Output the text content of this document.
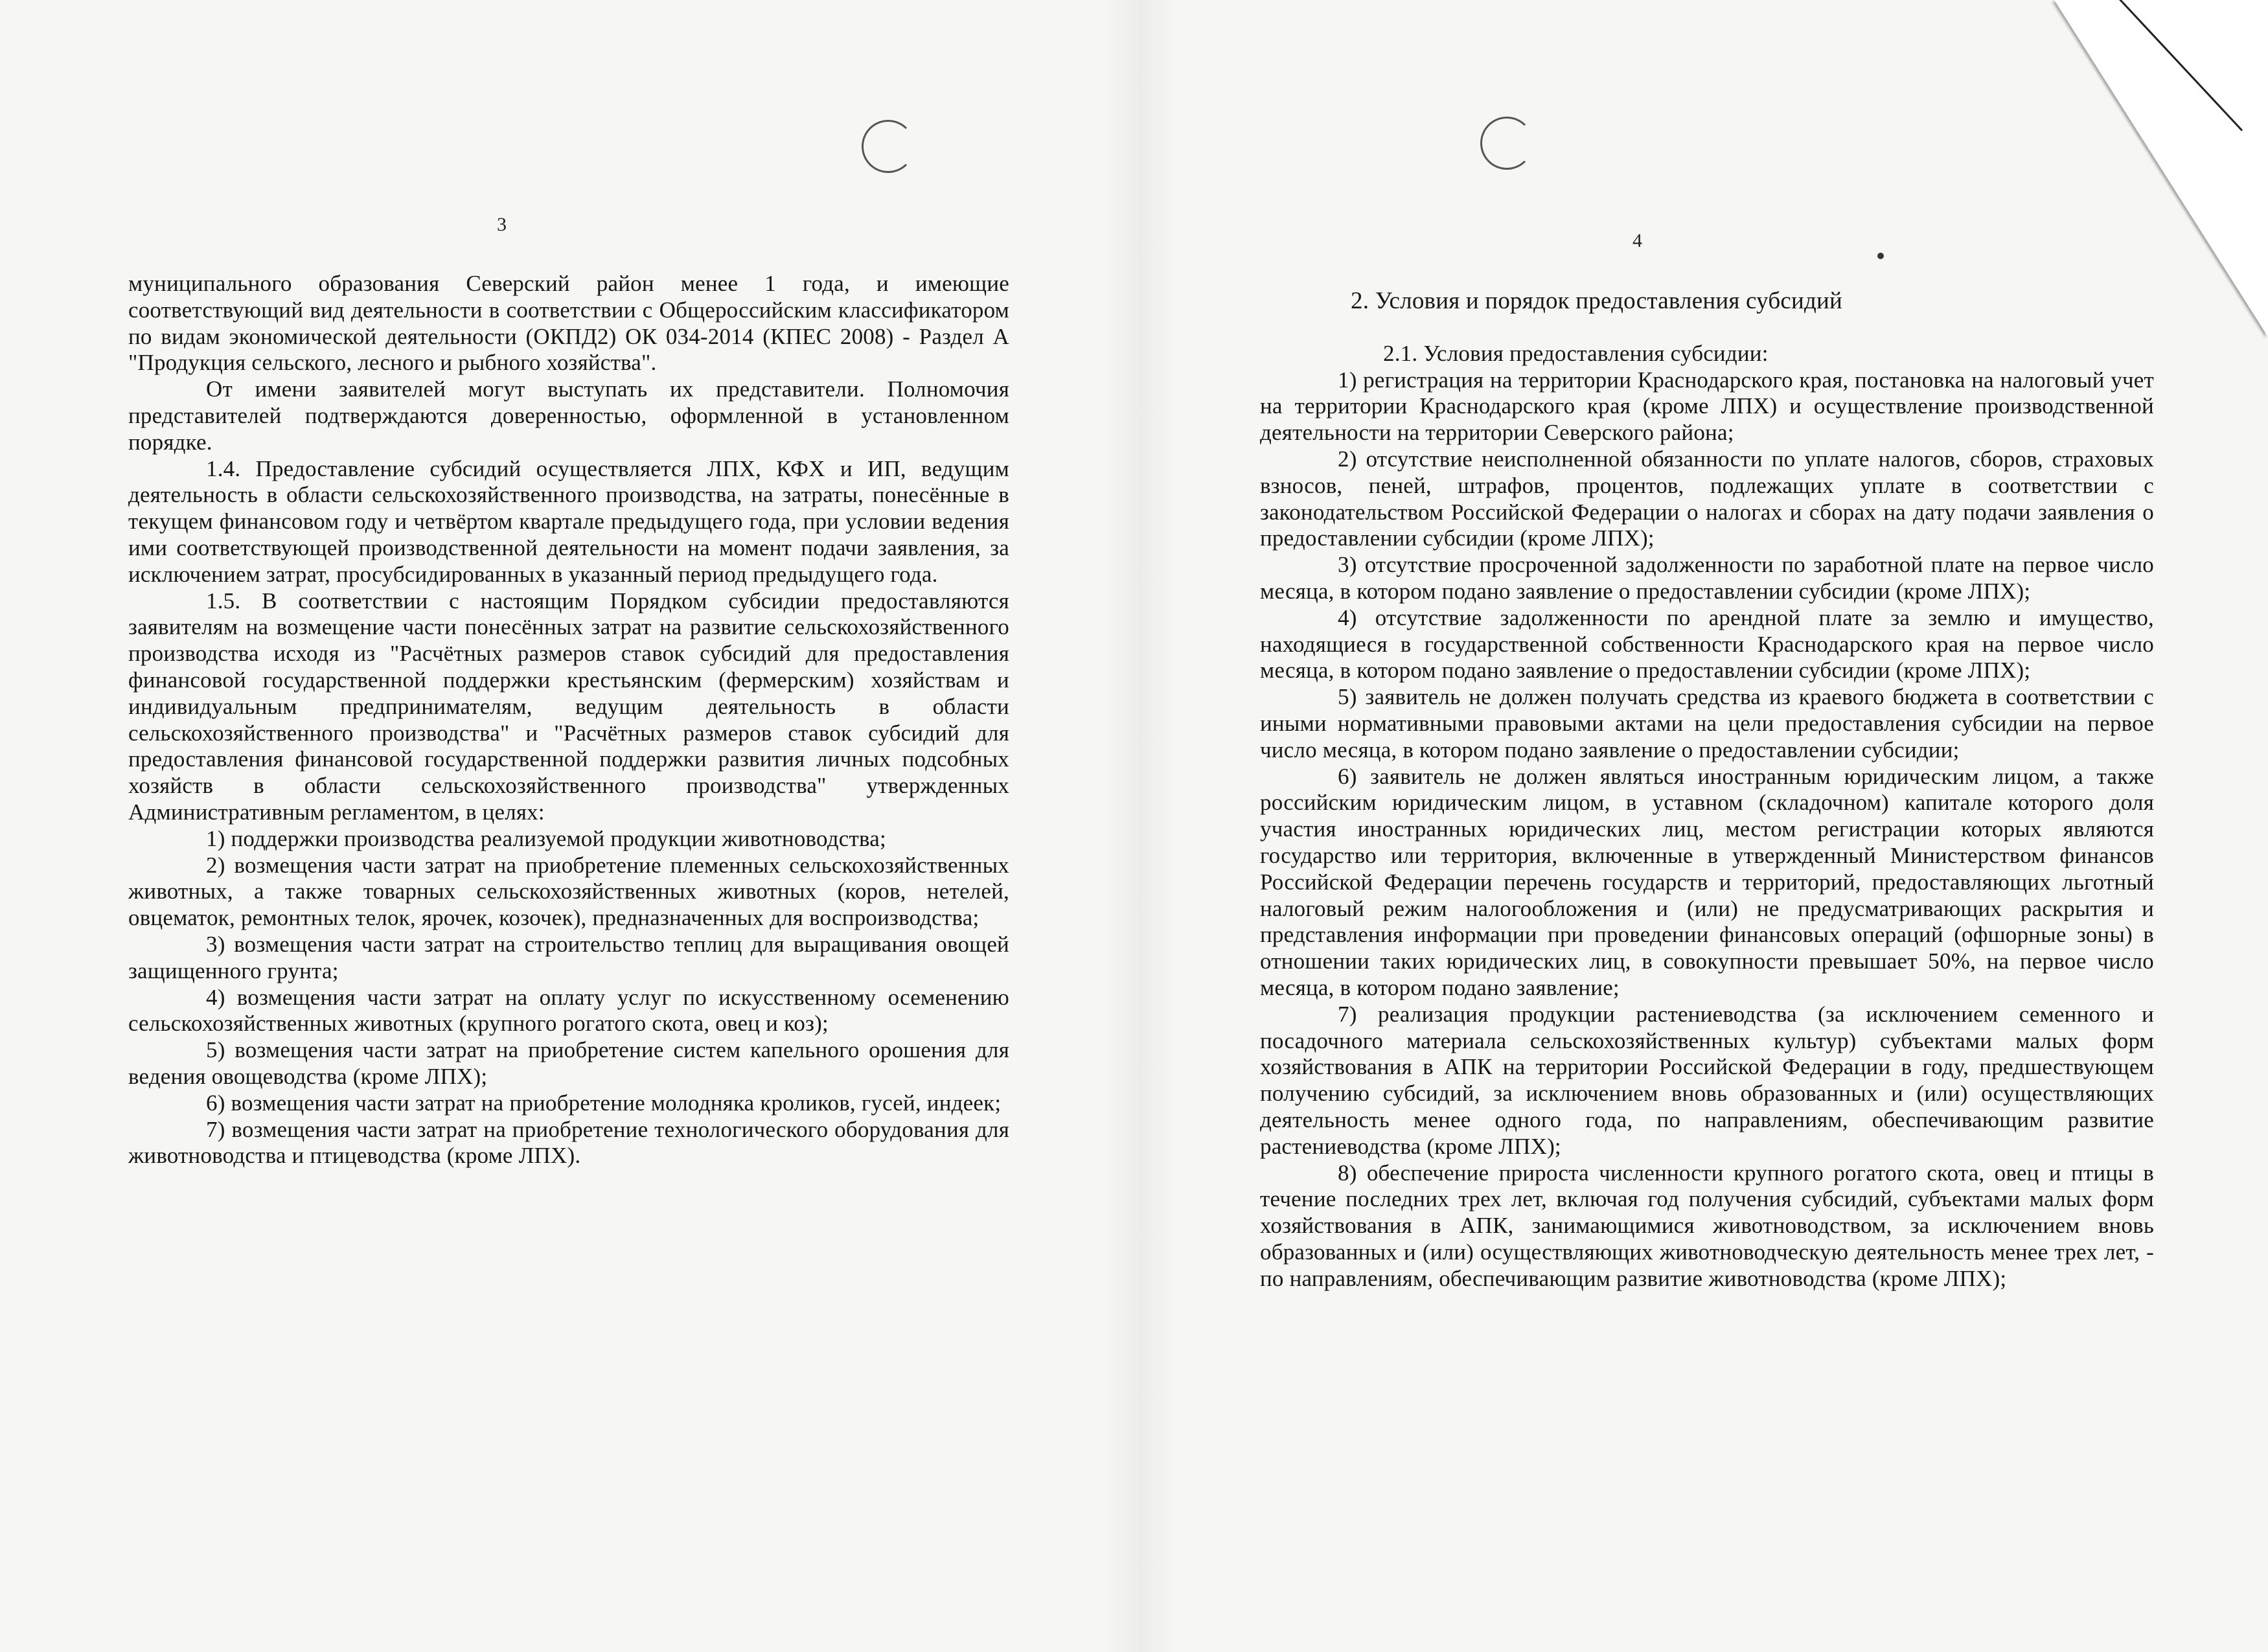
3
4

муниципального образования Северский район менее 1 года, и имеющие соответствующий вид деятельности в соответствии с Общероссийским классификатором по видам экономической деятельности (ОКПД2) ОК 034-2014 (КПЕС 2008) - Раздел А "Продукция сельского, лесного и рыбного хозяйства".

От имени заявителей могут выступать их представители. Полномочия представителей подтверждаются доверенностью, оформленной в установленном порядке.

1.4. Предоставление субсидий осуществляется ЛПХ, КФХ и ИП, ведущим деятельность в области сельскохозяйственного производства, на затраты, понесённые в текущем финансовом году и четвёртом квартале предыдущего года, при условии ведения ими соответствующей производственной деятельности на момент подачи заявления, за исключением затрат, просубсидированных в указанный период предыдущего года.

1.5. В соответствии с настоящим Порядком субсидии предоставляются заявителям на возмещение части понесённых затрат на развитие сельскохозяйственного производства исходя из "Расчётных размеров ставок субсидий для предоставления финансовой государственной поддержки крестьянским (фермерским) хозяйствам и индивидуальным предпринимателям, ведущим деятельность в области сельскохозяйственного производства" и "Расчётных размеров ставок субсидий для предоставления финансовой государственной поддержки развития личных подсобных хозяйств в области сельскохозяйственного производства" утвержденных Административным регламентом, в целях:

1) поддержки производства реализуемой продукции животноводства;

2) возмещения части затрат на приобретение племенных сельскохозяйственных животных, а также товарных сельскохозяйственных животных (коров, нетелей, овцематок, ремонтных телок, ярочек, козочек), предназначенных для воспроизводства;

3) возмещения части затрат на строительство теплиц для выращивания овощей защищенного грунта;

4) возмещения части затрат на оплату услуг по искусственному осеменению сельскохозяйственных животных (крупного рогатого скота, овец и коз);

5) возмещения части затрат на приобретение систем капельного орошения для ведения овощеводства (кроме ЛПХ);

6) возмещения части затрат на приобретение молодняка кроликов, гусей, индеек;

7) возмещения части затрат на приобретение технологического оборудования для животноводства и птицеводства (кроме ЛПХ).

2. Условия и порядок предоставления субсидий

2.1. Условия предоставления субсидии:

1) регистрация на территории Краснодарского края, постановка на налоговый учет на территории Краснодарского края (кроме ЛПХ) и осуществление производственной деятельности на территории Северского района;

2) отсутствие неисполненной обязанности по уплате налогов, сборов, страховых взносов, пеней, штрафов, процентов, подлежащих уплате в соответствии с законодательством Российской Федерации о налогах и сборах на дату подачи заявления о предоставлении субсидии (кроме ЛПХ);

3) отсутствие просроченной задолженности по заработной плате на первое число месяца, в котором подано заявление о предоставлении субсидии (кроме ЛПХ);

4) отсутствие задолженности по арендной плате за землю и имущество, находящиеся в государственной собственности Краснодарского края на первое число месяца, в котором подано заявление о предоставлении субсидии (кроме ЛПХ);

5) заявитель не должен получать средства из краевого бюджета в соответствии с иными нормативными правовыми актами на цели предоставления субсидии на первое число месяца, в котором подано заявление о предоставлении субсидии;

6) заявитель не должен являться иностранным юридическим лицом, а также российским юридическим лицом, в уставном (складочном) капитале которого доля участия иностранных юридических лиц, местом регистрации которых являются государство или территория, включенные в утвержденный Министерством финансов Российской Федерации перечень государств и территорий, предоставляющих льготный налоговый режим налогообложения и (или) не предусматривающих раскрытия и представления информации при проведении финансовых операций (офшорные зоны) в отношении таких юридических лиц, в совокупности превышает 50%, на первое число месяца, в котором подано заявление;

7) реализация продукции растениеводства (за исключением семенного и посадочного материала сельскохозяйственных культур) субъектами малых форм хозяйствования в АПК на территории Российской Федерации в году, предшествующем получению субсидий, за исключением вновь образованных и (или) осуществляющих деятельность менее одного года, по направлениям, обеспечивающим развитие растениеводства (кроме ЛПХ);

8) обеспечение прироста численности крупного рогатого скота, овец и птицы в течение последних трех лет, включая год получения субсидий, субъектами малых форм хозяйствования в АПК, занимающимися животноводством, за исключением вновь образованных и (или) осуществляющих животноводческую деятельность менее трех лет, - по направлениям, обеспечивающим развитие животноводства (кроме ЛПХ);
